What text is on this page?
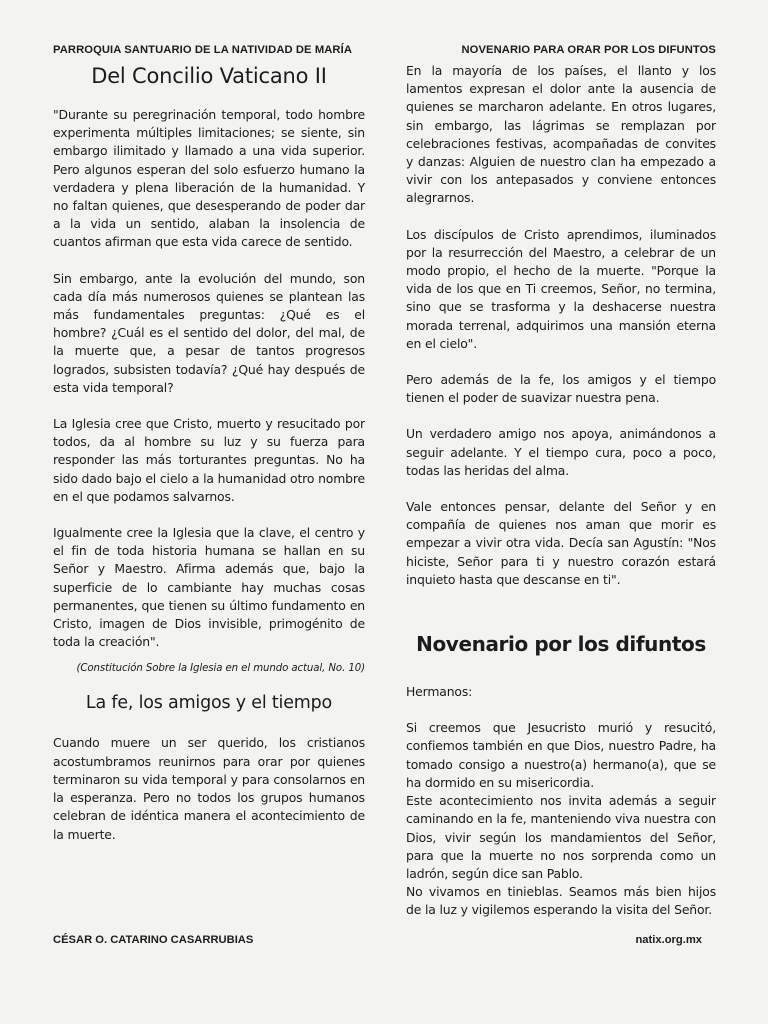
PARROQUIA SANTUARIO DE LA NATIVIDAD DE MARÍA
Del Concilio Vaticano II

"Durante su peregrinación temporal, todo hombre experimenta múltiples limitaciones; se siente, sin embargo ilimitado y llamado a una vida superior. Pero algunos esperan del solo esfuerzo humano la verdadera y plena liberación de la humanidad. Y no faltan quienes, que desesperando de poder dar a la vida un sentido, alaban la insolencia de cuantos afirman que esta vida carece de sentido.

Sin embargo, ante la evolución del mundo, son cada día más numerosos quienes se plantean las más fundamentales preguntas: ¿Qué es el hombre? ¿Cuál es el sentido del dolor, del mal, de la muerte que, a pesar de tantos progresos logrados, subsisten todavía? ¿Qué hay después de esta vida temporal?

La Iglesia cree que Cristo, muerto y resucitado por todos, da al hombre su luz y su fuerza para responder las más torturantes preguntas. No ha sido dado bajo el cielo a la humanidad otro nombre en el que podamos salvarnos.

Igualmente cree la Iglesia que la clave, el centro y el fin de toda historia humana se hallan en su Señor y Maestro. Afirma además que, bajo la superficie de lo cambiante hay muchas cosas permanentes, que tienen su último fundamento en Cristo, imagen de Dios invisible, primogénito de toda la creación".

(Constitución Sobre la Iglesia en el mundo actual, No. 10)

La fe, los amigos y el tiempo

Cuando muere un ser querido, los cristianos acostumbramos reunirnos para orar por quienes terminaron su vida temporal y para consolarnos en la esperanza. Pero no todos los grupos humanos celebran de idéntica manera el acontecimiento de la muerte.

NOVENARIO PARA ORAR POR LOS DIFUNTOS

En la mayoría de los países, el llanto y los lamentos expresan el dolor ante la ausencia de quienes se marcharon adelante. En otros lugares, sin embargo, las lágrimas se remplazan por celebraciones festivas, acompañadas de convites y danzas: Alguien de nuestro clan ha empezado a vivir con los antepasados y conviene entonces alegrarnos.

Los discípulos de Cristo aprendimos, iluminados por la resurrección del Maestro, a celebrar de un modo propio, el hecho de la muerte. "Porque la vida de los que en Ti creemos, Señor, no termina, sino que se trasforma y la deshacerse nuestra morada terrenal, adquirimos una mansión eterna en el cielo".

Pero además de la fe, los amigos y el tiempo tienen el poder de suavizar nuestra pena.

Un verdadero amigo nos apoya, animándonos a seguir adelante. Y el tiempo cura, poco a poco, todas las heridas del alma.

Vale entonces pensar, delante del Señor y en compañía de quienes nos aman que morir es empezar a vivir otra vida. Decía san Agustín: "Nos hiciste, Señor para ti y nuestro corazón estará inquieto hasta que descanse en ti".

Novenario por los difuntos

Hermanos:

Si creemos que Jesucristo murió y resucitó, confiemos también en que Dios, nuestro Padre, ha tomado consigo a nuestro(a) hermano(a), que se ha dormido en su misericordia.

Este acontecimiento nos invita además a seguir caminando en la fe, manteniendo viva nuestra con Dios, vivir según los mandamientos del Señor, para que la muerte no nos sorprenda como un ladrón, según dice san Pablo.

No vivamos en tinieblas. Seamos más bien hijos de la luz y vigilemos esperando la visita del Señor.

CÉSAR O. CATARINO CASARRUBIAS	natix.org.mx
